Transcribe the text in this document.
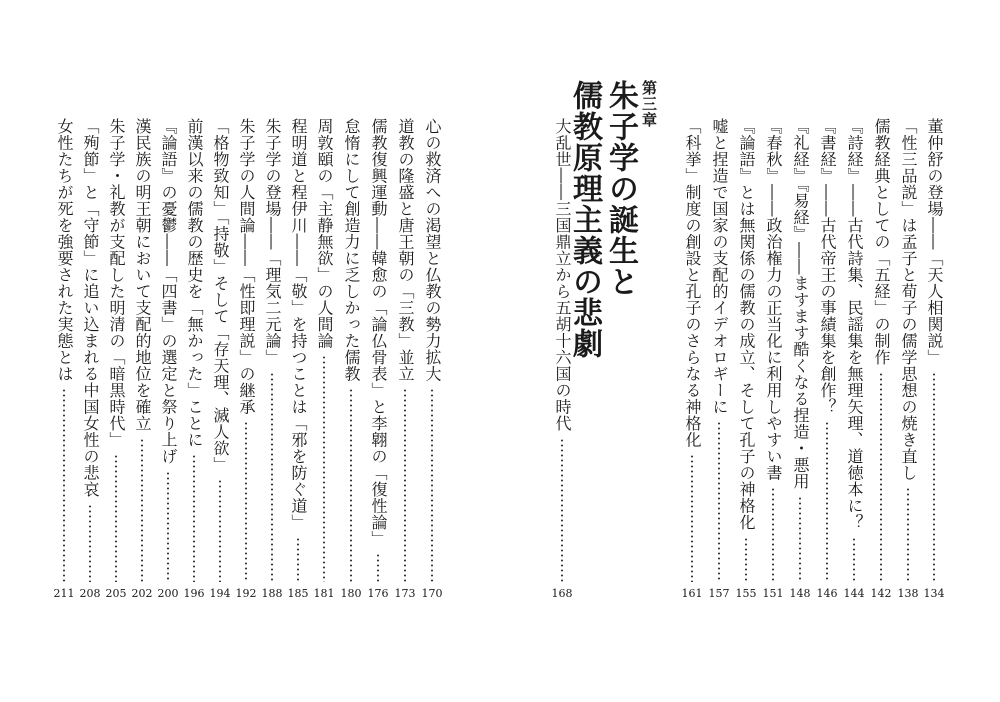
董仲舒の登場――「天人相関説」
134
「性三品説」は孟子と荀子の儒学思想の焼き直し
138
儒教経典としての「五経」の制作
142
『詩経』――古代詩集、民謡集を無理矢理、道徳本に？
144
『書経』――古代帝王の事績集を創作？
146
『礼経』『易経』――ますます酷くなる捏造・悪用
148
『春秋』――政治権力の正当化に利用しやすい書
151
『論語』とは無関係の儒教の成立、そして孔子の神格化
155
嘘と捏造で国家の支配的イデオロギーに
157
「科挙」制度の創設と孔子のさらなる神格化
161
第三章
朱子学の誕生と
儒教原理主義の悲劇
大乱世――三国鼎立から五胡十六国の時代
168
心の救済への渇望と仏教の勢力拡大
170
道教の隆盛と唐王朝の「三教」並立
173
儒教復興運動――韓愈の「論仏骨表」と李翺の「復性論」
176
怠惰にして創造力に乏しかった儒教
180
周敦頤の「主静無欲」の人間論
181
程明道と程伊川――「敬」を持つことは「邪を防ぐ道」
185
朱子学の登場――「理気二元論」
188
朱子学の人間論――「性即理説」の継承
192
「格物致知」「持敬」そして「存天理、滅人欲」
194
前漢以来の儒教の歴史を「無かった」ことに
196
『論語』の憂鬱――「四書」の選定と祭り上げ
200
漢民族の明王朝において支配的地位を確立
202
朱子学・礼教が支配した明清の「暗黒時代」
205
「殉節」と「守節」に追い込まれる中国女性の悲哀
208
女性たちが死を強要された実態とは
211
